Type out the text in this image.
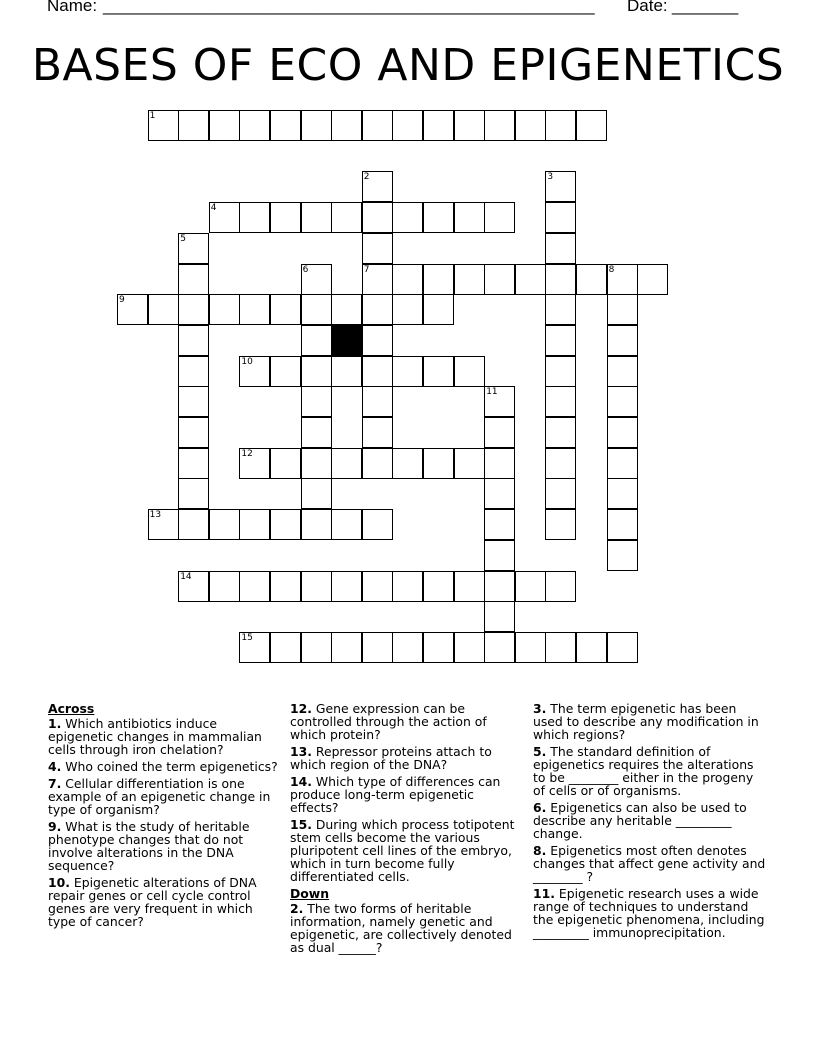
Name: ____________________________________________________ Date: _______
BASES OF ECO AND EPIGENETICS
1
2
7
3
4
5
6	8
9
10
11
12
13
14
15
Across
1. Which antibiotics induce epigenetic changes in mammalian cells through iron chelation?
4. Who coined the term epigenetics?
7. Cellular differentiation is one example of an epigenetic change in type of organism?
9. What is the study of heritable phenotype changes that do not involve alterations in the DNA sequence?
10. Epigenetic alterations of DNA repair genes or cell cycle control genes are very frequent in which type of cancer?
12. Gene expression can be controlled through the action of which protein?
13. Repressor proteins attach to which region of the DNA?
14. Which type of differences can produce long-term epigenetic effects?
15. During which process totipotent stem cells become the various pluripotent cell lines of the embryo, which in turn become fully differentiated cells.
Down
2. The two forms of heritable information, namely genetic and epigenetic, are collectively denoted as dual ______?
3. The term epigenetic has been used to describe any modification in which regions?
5. The standard definition of epigenetics requires the alterations to be ________ either in the progeny of cells or of organisms.
6. Epigenetics can also be used to describe any heritable _________ change.
8. Epigenetics most often denotes changes that affect gene activity and ________ ?
11. Epigenetic research uses a wide range of techniques to understand the epigenetic phenomena, including _________ immunoprecipitation.
